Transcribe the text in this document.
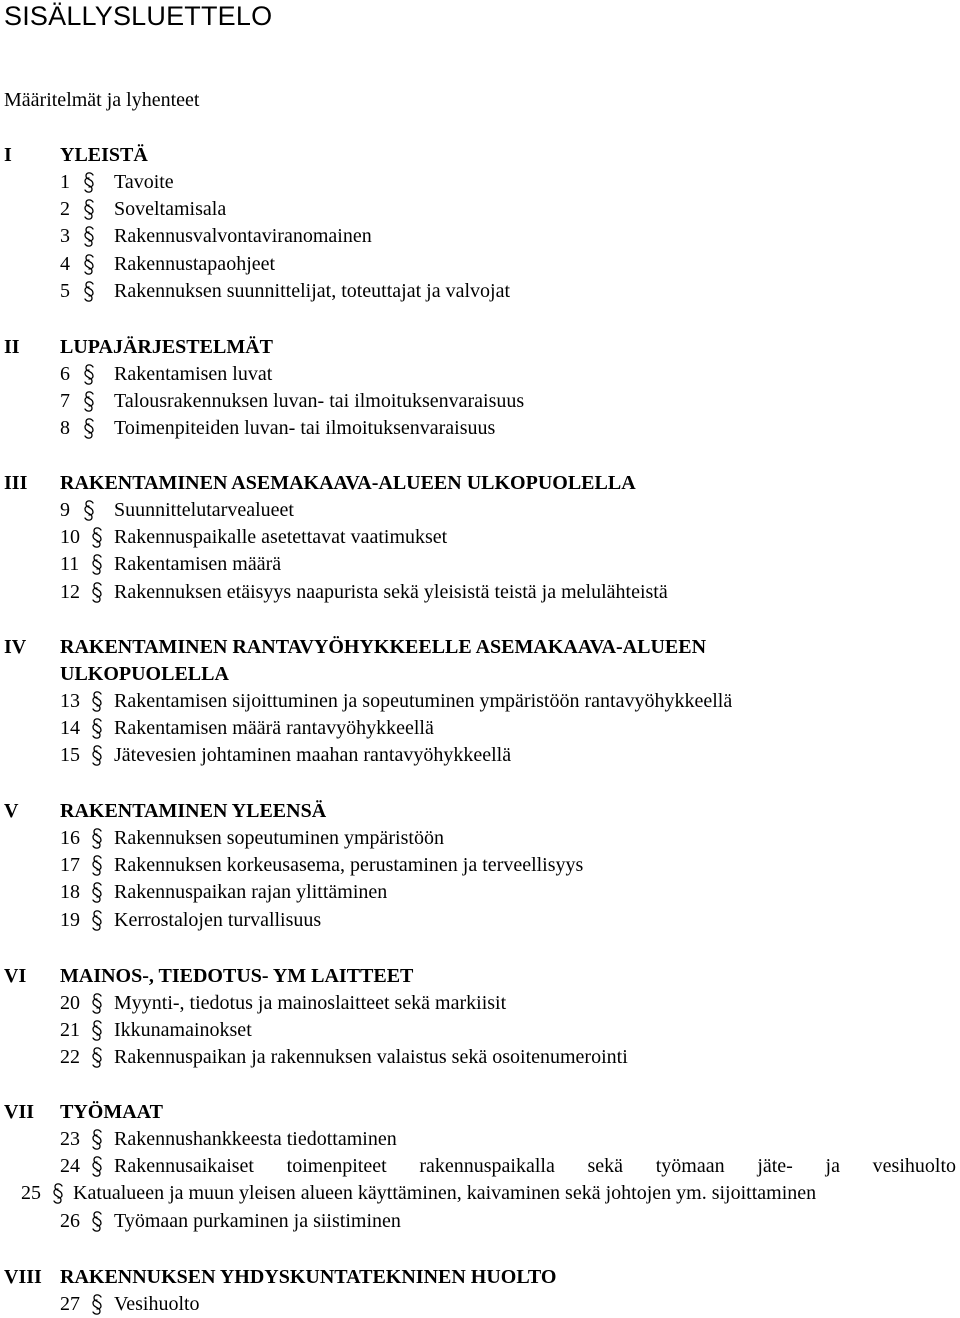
SISÄLLYSLUETTELO
Määritelmät ja lyhenteet
I YLEISTÄ
1 Tavoite
2 Soveltamisala
3 Rakennusvalvontaviranomainen
4 Rakennustapaohjeet
5 Rakennuksen suunnittelijat, toteuttajat ja valvojat
II LUPAJÄRJESTELMÄT
6 Rakentamisen luvat
7 Talousrakennuksen luvan- tai ilmoituksenvaraisuus
8 Toimenpiteiden luvan- tai ilmoituksenvaraisuus
III RAKENTAMINEN ASEMAKAAVA-ALUEEN ULKOPUOLELLA
9 Suunnittelutarvealueet
10 Rakennuspaikalle asetettavat vaatimukset
11 Rakentamisen määrä
12 Rakennuksen etäisyys naapurista sekä yleisistä teistä ja melulähteistä
IV RAKENTAMINEN RANTAVYÖHYKKEELLE ASEMAKAAVA-ALUEEN ULKOPUOLELLA
13 Rakentamisen sijoittuminen ja sopeutuminen ympäristöön rantavyöhykkeellä
14 Rakentamisen määrä rantavyöhykkeellä
15 Jätevesien johtaminen maahan rantavyöhykkeellä
V RAKENTAMINEN YLEENSÄ
16 Rakennuksen sopeutuminen ympäristöön
17 Rakennuksen korkeusasema, perustaminen ja terveellisyys
18 Rakennuspaikan rajan ylittäminen
19 Kerrostalojen turvallisuus
VI MAINOS-, TIEDOTUS- YM LAITTEET
20 Myynti-, tiedotus ja mainoslaitteet sekä markiisit
21 Ikkunamainokset
22 Rakennuspaikan ja rakennuksen valaistus sekä osoitenumerointi
VII TYÖMAAT
23 Rakennushankkeesta tiedottaminen
24 Rakennusaikaiset toimenpiteet rakennuspaikalla sekä työmaan jäte- ja vesihuolto
25 Katualueen ja muun yleisen alueen käyttäminen, kaivaminen sekä johtojen ym. sijoittaminen
26 Työmaan purkaminen ja siistiminen
VIII RAKENNUKSEN YHDYSKUNTATEKNINEN HUOLTO
27 Vesihuolto
